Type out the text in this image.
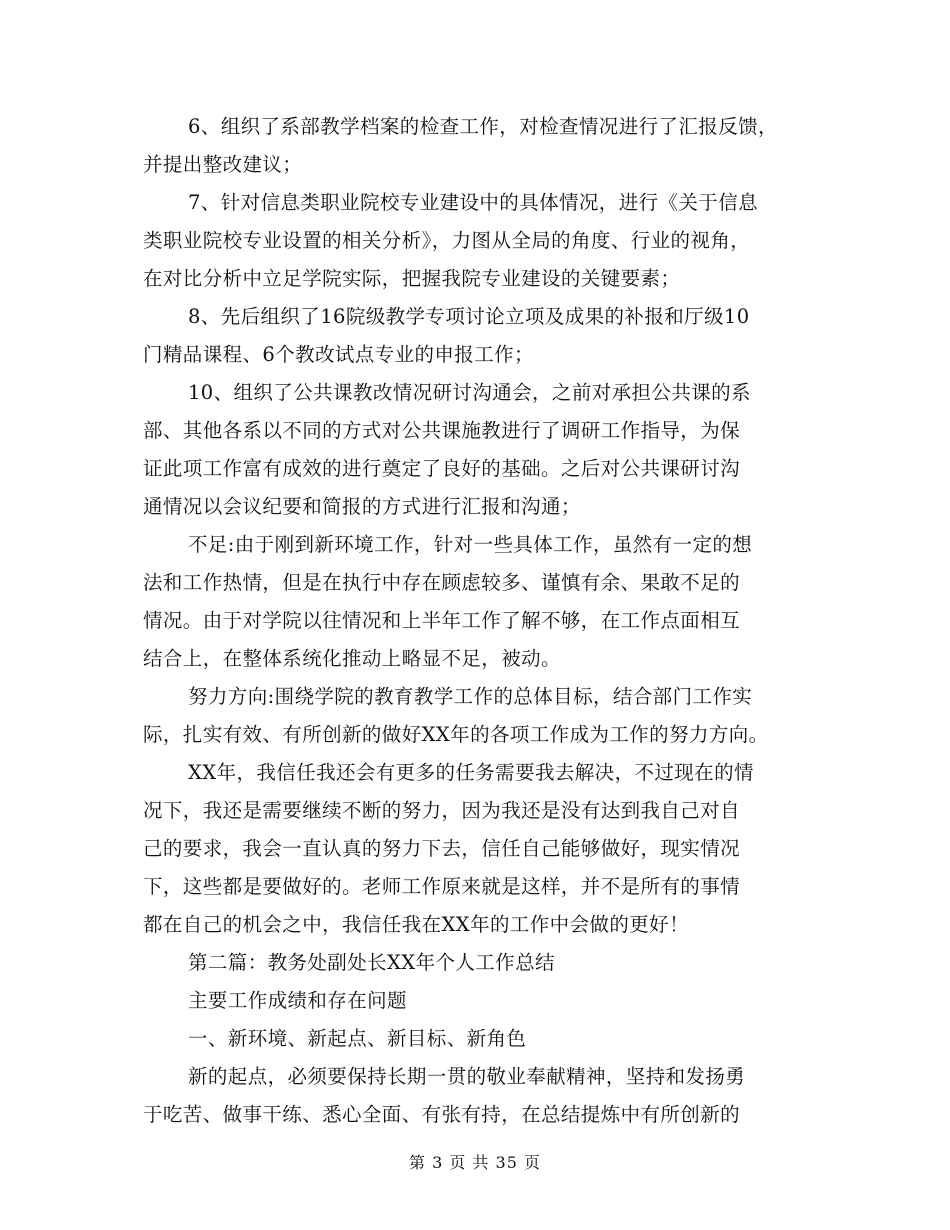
6、组织了系部教学档案的检查工作，对检查情况进行了汇报反馈，
并提出整改建议；
7、针对信息类职业院校专业建设中的具体情况，进行《关于信息
类职业院校专业设置的相关分析》，力图从全局的角度、行业的视角，
在对比分析中立足学院实际，把握我院专业建设的关键要素；
8、先后组织了16院级教学专项讨论立项及成果的补报和厅级10
门精品课程、6个教改试点专业的申报工作；
10、组织了公共课教改情况研讨沟通会，之前对承担公共课的系
部、其他各系以不同的方式对公共课施教进行了调研工作指导，为保
证此项工作富有成效的进行奠定了良好的基础。之后对公共课研讨沟
通情况以会议纪要和简报的方式进行汇报和沟通；
不足:由于刚到新环境工作，针对一些具体工作，虽然有一定的想
法和工作热情，但是在执行中存在顾虑较多、谨慎有余、果敢不足的
情况。由于对学院以往情况和上半年工作了解不够，在工作点面相互
结合上，在整体系统化推动上略显不足，被动。
努力方向:围绕学院的教育教学工作的总体目标，结合部门工作实
际，扎实有效、有所创新的做好XX年的各项工作成为工作的努力方向。
XX年，我信任我还会有更多的任务需要我去解决，不过现在的情
况下，我还是需要继续不断的努力，因为我还是没有达到我自己对自
己的要求，我会一直认真的努力下去，信任自己能够做好，现实情况
下，这些都是要做好的。老师工作原来就是这样，并不是所有的事情
都在自己的机会之中，我信任我在XX年的工作中会做的更好！
第二篇：教务处副处长XX年个人工作总结
主要工作成绩和存在问题
一、新环境、新起点、新目标、新角色
新的起点，必须要保持长期一贯的敬业奉献精神，坚持和发扬勇
于吃苦、做事干练、悉心全面、有张有持，在总结提炼中有所创新的
第 3 页 共 35 页
